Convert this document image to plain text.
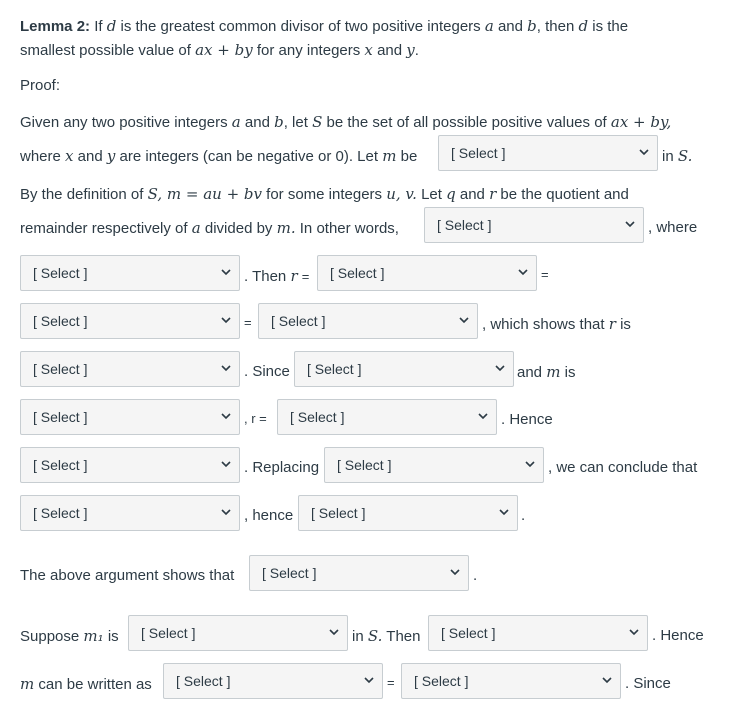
Lemma 2: If d is the greatest common divisor of two positive integers a and b, then d is the
smallest possible value of ax + by for any integers x and y.
Proof:
Given any two positive integers a and b, let S be the set of all possible positive values of ax + by,
where x and y are integers (can be negative or 0). Let m be [ Select ]	in S.
By the definition of S, m = au + bv for some integers u, v. Let q and r be the quotient and
remainder respectively of a divided by m. In other words,	[ Select ]	, where
[ Select ]	. Then r = [ Select ]	=
[ Select ]	= [ Select ]	, which shows that r is
[ Select ]	. Since [ Select ]	and m is
[ Select ]	, r = [ Select ]	. Hence
[ Select ]	. Replacing [ Select ]	, we can conclude that
[ Select ]	, hence [ Select ]	.
The above argument shows that [ Select ]	.
Suppose m₁ is [ Select ]	in S. Then [ Select ]	. Hence
m can be written as [ Select ]	= [ Select ]	. Since
